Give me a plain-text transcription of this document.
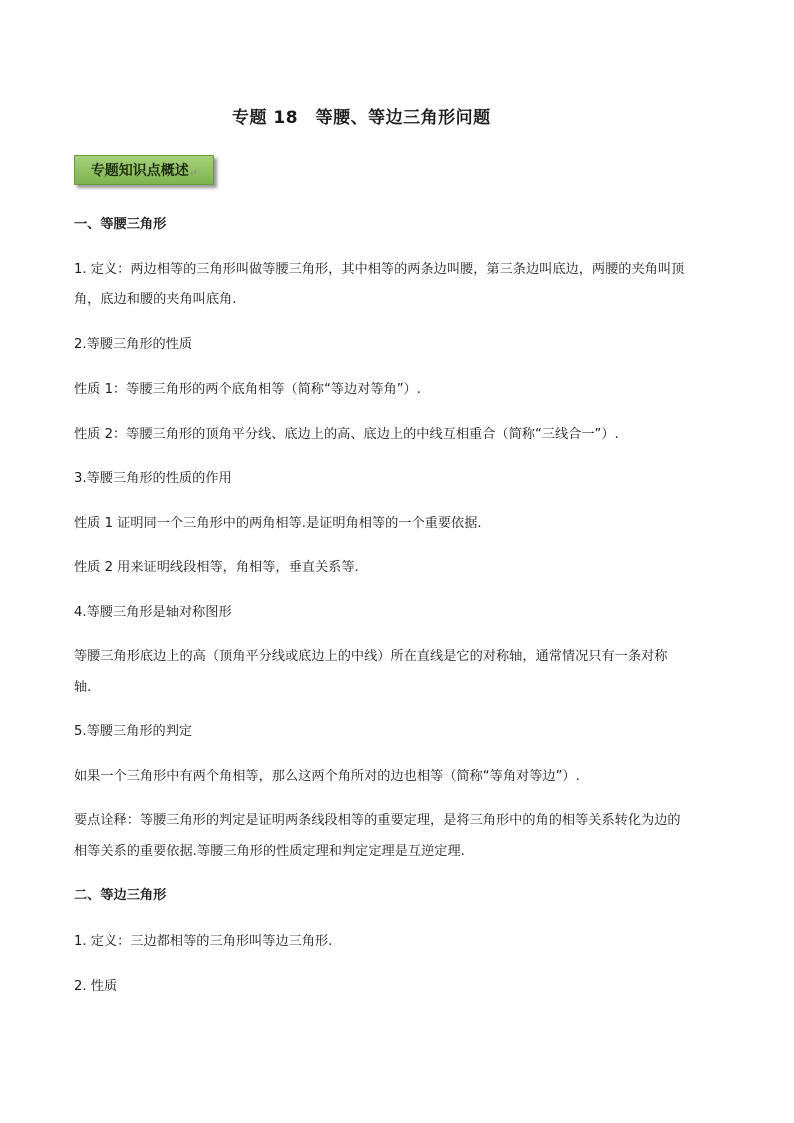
专题 18　等腰、等边三角形问题
专题知识点概述 ↵
一、等腰三角形
1. 定义：两边相等的三角形叫做等腰三角形，其中相等的两条边叫腰，第三条边叫底边，两腰的夹角叫顶
角，底边和腰的夹角叫底角.
2.等腰三角形的性质
性质 1：等腰三角形的两个底角相等（简称“等边对等角”）.
性质 2：等腰三角形的顶角平分线、底边上的高、底边上的中线互相重合（简称“三线合一”）.
3.等腰三角形的性质的作用
性质 1 证明同一个三角形中的两角相等.是证明角相等的一个重要依据.
性质 2 用来证明线段相等，角相等，垂直关系等.
4.等腰三角形是轴对称图形
等腰三角形底边上的高（顶角平分线或底边上的中线）所在直线是它的对称轴，通常情况只有一条对称
轴.
5.等腰三角形的判定
如果一个三角形中有两个角相等，那么这两个角所对的边也相等（简称“等角对等边”）.
要点诠释：等腰三角形的判定是证明两条线段相等的重要定理，是将三角形中的角的相等关系转化为边的
相等关系的重要依据.等腰三角形的性质定理和判定定理是互逆定理.
二、等边三角形
1. 定义：三边都相等的三角形叫等边三角形.
2. 性质
